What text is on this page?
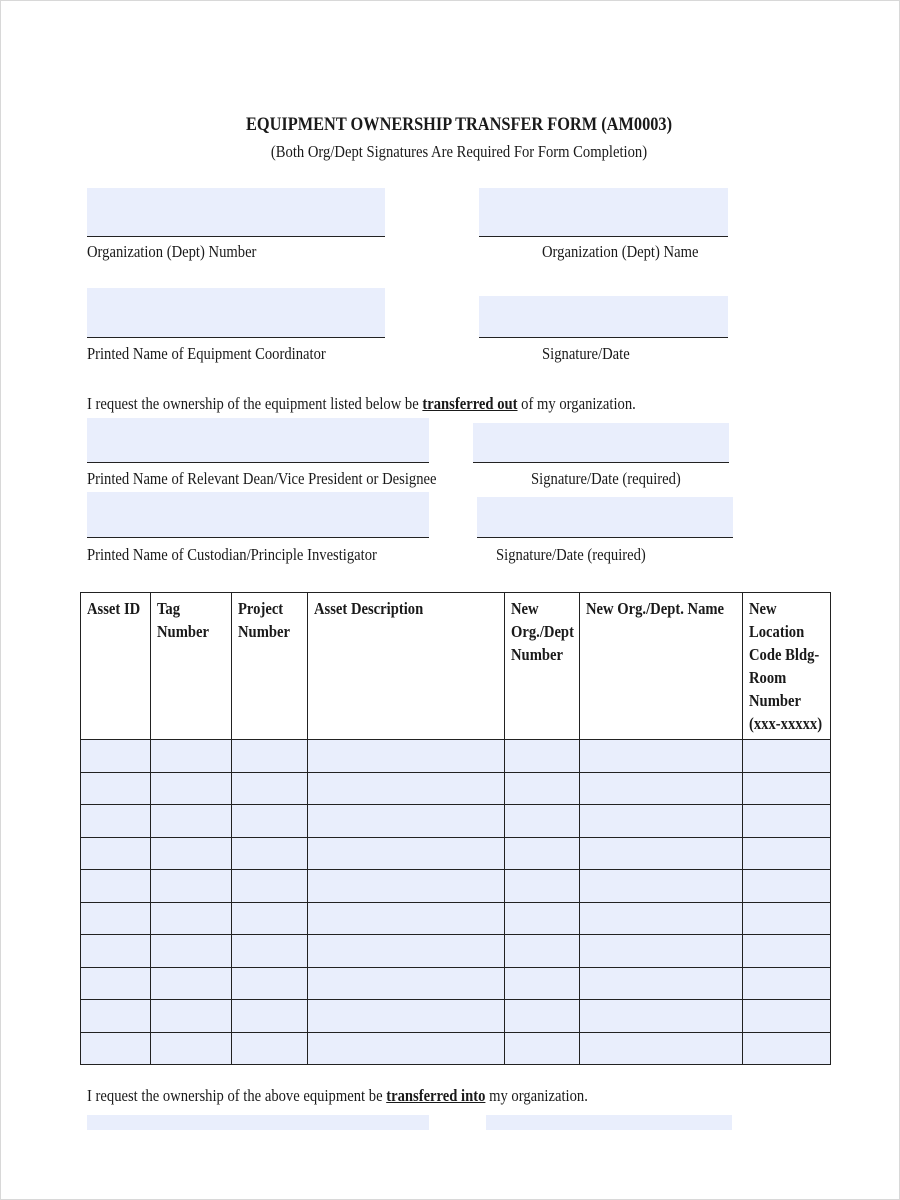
EQUIPMENT OWNERSHIP TRANSFER FORM (AM0003)
(Both Org/Dept Signatures Are Required For Form Completion)
Organization (Dept) Number	Organization (Dept) Name
Printed Name of Equipment Coordinator	Signature/Date
I request the ownership of the equipment listed below be transferred out of my organization.
Printed Name of Relevant Dean/Vice President or Designee	Signature/Date (required)
Printed Name of Custodian/Principle Investigator	Signature/Date (required)
Asset ID	Tag Number	Project Number	Asset Description	New Org./Dept Number	New Org./Dept. Name	New Location Code Bldg-Room Number (xxx-xxxxx)

I request the ownership of the above equipment be transferred into my organization.
